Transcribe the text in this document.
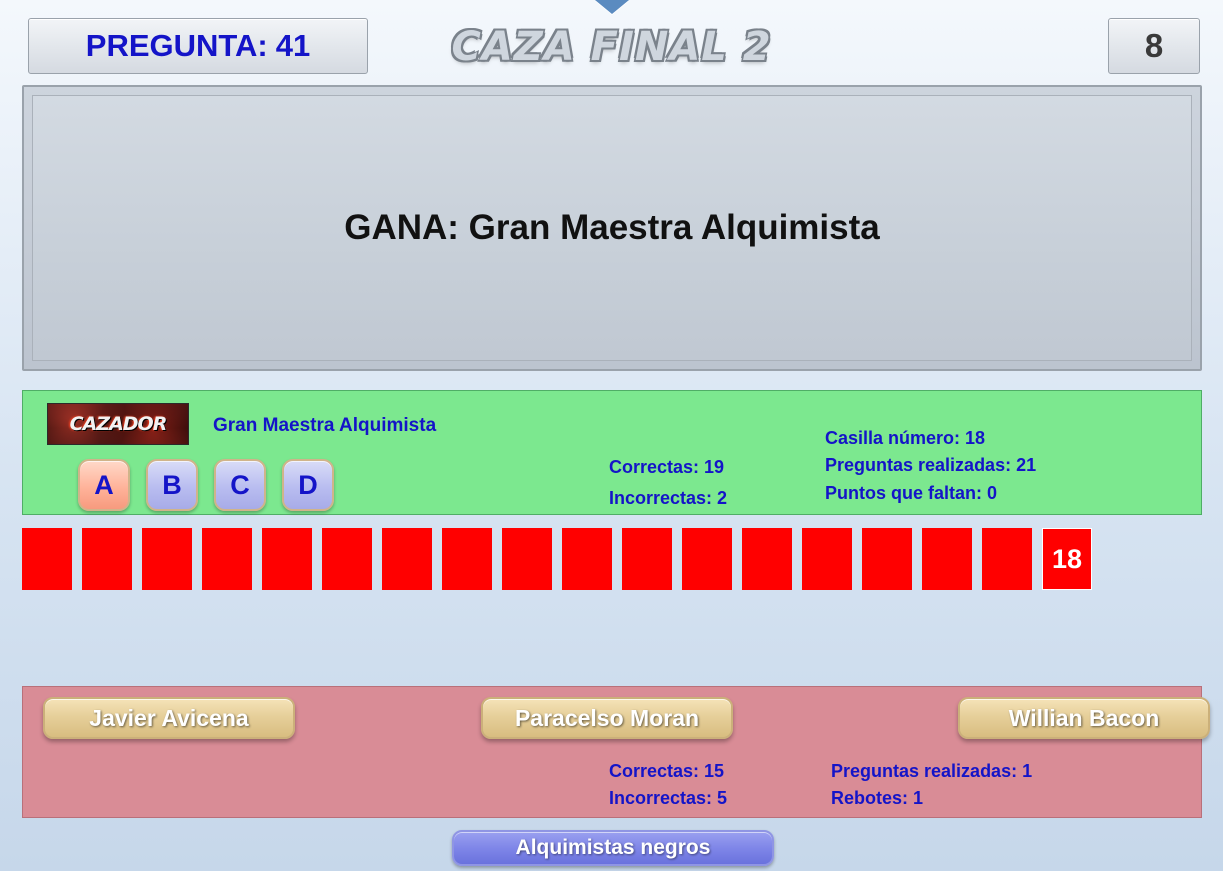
PREGUNTA: 41	CAZA FINAL 2	8
GANA: Gran Maestra Alquimista
CAZADOR Gran Maestra Alquimista
A B C D
Correctas: 19
Incorrectas: 2
Casilla número: 18
Preguntas realizadas: 21
Puntos que faltan: 0
18
Javier Avicena	Paracelso Moran	Willian Bacon
Correctas: 15
Incorrectas: 5
Preguntas realizadas: 1
Rebotes: 1
Alquimistas negros
